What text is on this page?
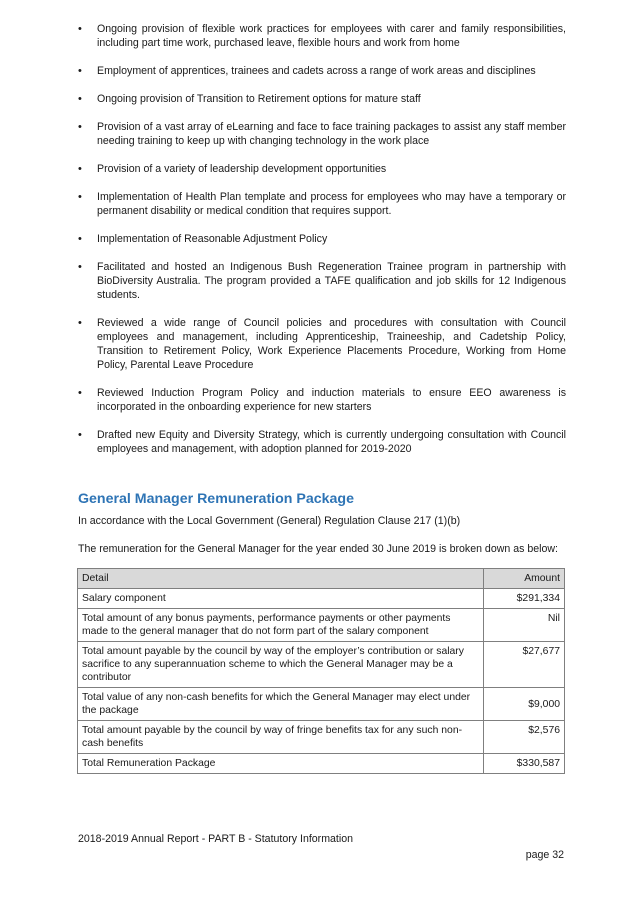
• Ongoing provision of flexible work practices for employees with carer and family responsibilities, including part time work, purchased leave, flexible hours and work from home
• Employment of apprentices, trainees and cadets across a range of work areas and disciplines
• Ongoing provision of Transition to Retirement options for mature staff
• Provision of a vast array of eLearning and face to face training packages to assist any staff member needing training to keep up with changing technology in the work place
• Provision of a variety of leadership development opportunities
• Implementation of Health Plan template and process for employees who may have a temporary or permanent disability or medical condition that requires support.
• Implementation of Reasonable Adjustment Policy
• Facilitated and hosted an Indigenous Bush Regeneration Trainee program in partnership with BioDiversity Australia. The program provided a TAFE qualification and job skills for 12 Indigenous students.
• Reviewed a wide range of Council policies and procedures with consultation with Council employees and management, including Apprenticeship, Traineeship, and Cadetship Policy, Transition to Retirement Policy, Work Experience Placements Procedure, Working from Home Policy, Parental Leave Procedure
• Reviewed Induction Program Policy and induction materials to ensure EEO awareness is incorporated in the onboarding experience for new starters
• Drafted new Equity and Diversity Strategy, which is currently undergoing consultation with Council employees and management, with adoption planned for 2019-2020
General Manager Remuneration Package

In accordance with the Local Government (General) Regulation Clause 217 (1)(b)

The remuneration for the General Manager for the year ended 30 June 2019 is broken down as below:

Detail	Amount
Salary component	$291,334
Total amount of any bonus payments, performance payments or other payments made to the general manager that do not form part of the salary component	Nil
Total amount payable by the council by way of the employer’s contribution or salary sacrifice to any superannuation scheme to which the General Manager may be a contributor	$27,677
Total value of any non-cash benefits for which the General Manager may elect under the package	$9,000
Total amount payable by the council by way of fringe benefits tax for any such non-cash benefits	$2,576
Total Remuneration Package	$330,587

2018-2019 Annual Report - PART B - Statutory Information

page 32
